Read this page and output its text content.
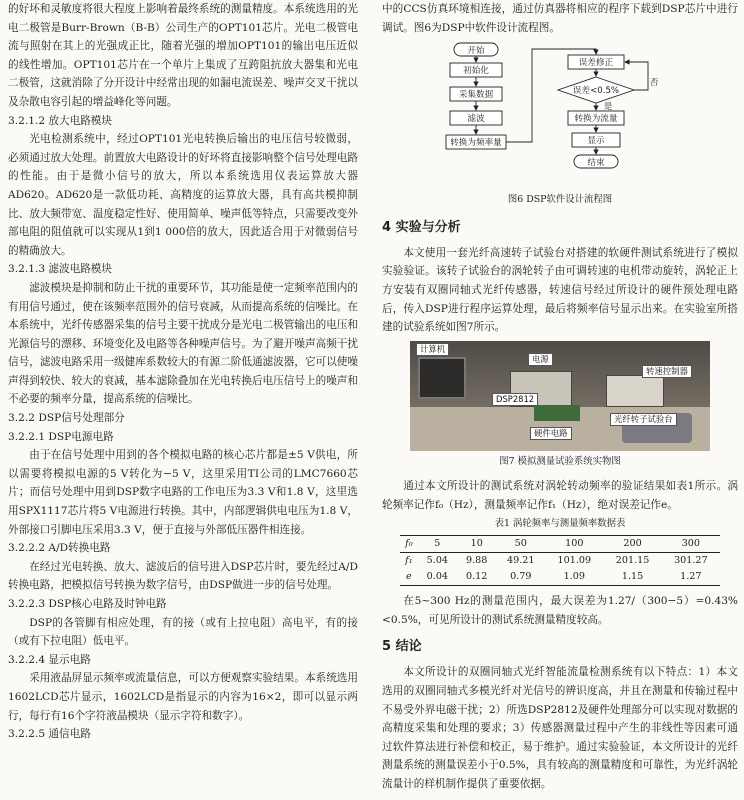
的好坏和灵敏度将很大程度上影响着最终系统的测量精度。本系统选用的光电二极管是Burr-Brown（B-B）公司生产的OPT101芯片。光电二极管电流与照射在其上的光强成正比，随着光强的增加OPT101的输出电压近似的线性增加。OPT101芯片在一个单片上集成了互跨阻抗放大器集和光电二极管，这就消除了分开设计中经常出现的如漏电流误差、噪声交叉干扰以及杂散电容引起的增益峰化等问题。

3.2.1.2 放大电路模块

光电检测系统中，经过OPT101光电转换后输出的电压信号较微弱，必须通过放大处理。前置放大电路设计的好坏将直接影响整个信号处理电路的性能。由于是微小信号的放大，所以本系统选用仪表运算放大器AD620。AD620是一款低功耗、高精度的运算放大器，具有高共模抑制比、放大频带宽、温度稳定性好、使用简单、噪声低等特点，只需要改变外部电阻的阻值就可以实现从1到1 000倍的放大，因此适合用于对微弱信号的精确放大。

3.2.1.3 滤波电路模块

滤波模块是抑制和防止干扰的重要环节，其功能是使一定频率范围内的有用信号通过，使在该频率范围外的信号衰减，从而提高系统的信噪比。在本系统中，光纤传感器采集的信号主要干扰成分是光电二极管输出的电压和光源信号的漂移、环境变化及电路等各种噪声信号。为了避开噪声高频干扰信号，滤波电路采用一级健库系数较大的有源二阶低通滤波器，它可以使噪声得到较快、较大的衰减，基本滤除叠加在光电转换后电压信号上的噪声和不必要的频率分量，提高系统的信噪比。

3.2.2 DSP信号处理部分
3.2.2.1 DSP电源电路

由于在信号处理中用到的各个模拟电路的核心芯片都是±5 V供电，所以需要将模拟电源的5 V转化为−5 V，这里采用TI公司的LMC7660芯片；而信号处理中用到DSP数字电路的工作电压为3.3 V和1.8 V，这里选用SPX1117芯片将5 V电源进行转换。其中，内部逻辑供电电压为1.8 V，外部接口引脚电压采用3.3 V，便于直接与外部低压器件相连接。

3.2.2.2 A/D转换电路

在经过光电转换、放大、滤波后的信号进入DSP芯片时，要先经过A/D转换电路，把模拟信号转换为数字信号，由DSP做进一步的信号处理。

3.2.2.3 DSP核心电路及时钟电路

DSP的各管脚有相应处理，有的接（或有上拉电阻）高电平，有的接（或有下拉电阻）低电平。

3.2.2.4 显示电路

采用液晶屏显示频率或流量信息，可以方便观察实验结果。本系统选用1602LCD芯片显示，1602LCD是指显示的内容为16×2，即可以显示两行，每行有16个字符液晶模块（显示字符和数字）。

3.2.2.5 通信电路

中的CCS仿真环境相连接，通过仿真器将相应的程序下载到DSP芯片中进行调试。图6为DSP中软件设计流程图。

开始
初始化
采集数据
滤波
转换为频率量
误差修正
误差<0.5%
否
是
转换为流量
显示
结束
图6 DSP软件设计流程图
4 实验与分析

本文使用一套光纤高速转子试验台对搭建的软硬件测试系统进行了模拟实验验证。该转子试验台的涡轮转子由可调转速的电机带动旋转，涡轮正上方安装有双圈同轴式光纤传感器，转速信号经过所设计的硬件预处理电路后，传入DSP进行程序运算处理，最后将频率信号显示出来。在实验室所搭建的试验系统如图7所示。

计算机
电源
DSP2812
转速控制器
硬件电路
光纤转子试验台
图7 模拟测量试验系统实物图

通过本文所设计的测试系统对涡轮转动频率的验证结果如表1所示。涡轮频率记作f₀（Hz），测量频率记作f₁（Hz），绝对误差记作e。

表1 涡轮频率与测量频率数据表
f₀	5	10	50	100	200	300
f₁	5.04	9.88	49.21	101.09	201.15	301.27
e	0.04	0.12	0.79	1.09	1.15	1.27

在5~300 Hz的测量范围内，最大误差为1.27/（300−5）=0.43%<0.5%，可见所设计的测试系统测量精度较高。

5 结论

本文所设计的双圈同轴式光纤智能流量检测系统有以下特点：1）本文选用的双圈同轴式多模光纤对光信号的辨识度高，并且在测量和传输过程中不易受外界电磁干扰；2）所选DSP2812及硬件处理部分可以实现对数据的高精度采集和处理的要求；3）传感器测量过程中产生的非线性等因素可通过软件算法进行补偿和校正，易于维护。通过实验验证，本文所设计的光纤测量系统的测量误差小于0.5%，具有较高的测量精度和可靠性，为光纤涡轮流量计的样机制作提供了重要依据。
